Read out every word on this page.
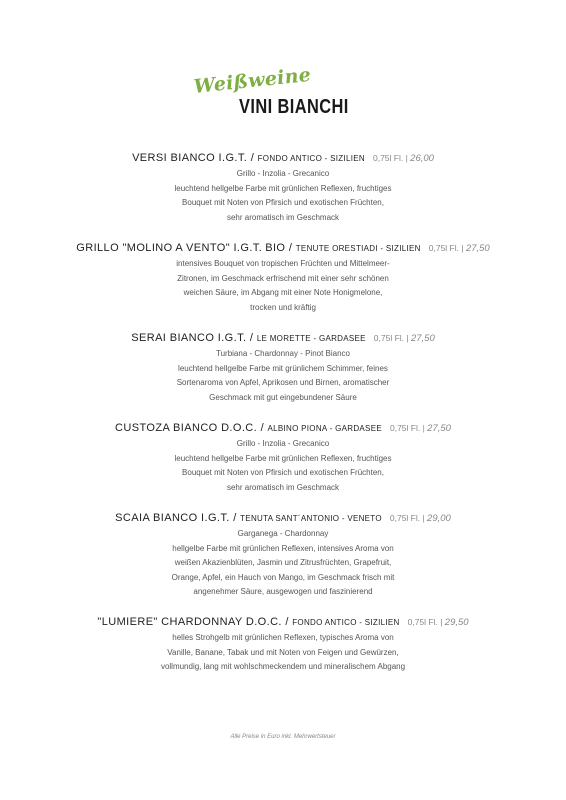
Weißweine
VINI BIANCHI
VERSI BIANCO I.G.T. / FONDO ANTICO - SIZILIEN 0,75l Fl. | 26,00
Grillo - Inzolia - Grecanico
leuchtend hellgelbe Farbe mit grünlichen Reflexen, fruchtiges
Bouquet mit Noten von Pfirsich und exotischen Früchten,
sehr aromatisch im Geschmack
GRILLO "MOLINO A VENTO" I.G.T. BIO / TENUTE ORESTIADI - SIZILIEN 0,75l Fl. | 27,50
intensives Bouquet von tropischen Früchten und Mittelmeer-
Zitronen, im Geschmack erfrischend mit einer sehr schönen
weichen Säure, im Abgang mit einer Note Honigmelone,
trocken und kräftig
SERAI BIANCO I.G.T. / LE MORETTE - GARDASEE 0,75l Fl. | 27,50
Turbiana - Chardonnay - Pinot Bianco
leuchtend hellgelbe Farbe mit grünlichem Schimmer, feines
Sortenaroma von Apfel, Aprikosen und Birnen, aromatischer
Geschmack mit gut eingebundener Säure
CUSTOZA BIANCO D.O.C. / ALBINO PIONA - GARDASEE 0,75l Fl. | 27,50
Grillo - Inzolia - Grecanico
leuchtend hellgelbe Farbe mit grünlichen Reflexen, fruchtiges
Bouquet mit Noten von Pfirsich und exotischen Früchten,
sehr aromatisch im Geschmack
SCAIA BIANCO I.G.T. / TENUTA SANT´ANTONIO - VENETO 0,75l Fl. | 29,00
Garganega - Chardonnay
hellgelbe Farbe mit grünlichen Reflexen, intensives Aroma von
weißen Akazienblüten, Jasmin und Zitrusfrüchten, Grapefruit,
Orange, Apfel, ein Hauch von Mango, im Geschmack frisch mit
angenehmer Säure, ausgewogen und faszinierend
"LUMIERE" CHARDONNAY D.O.C. / FONDO ANTICO - SIZILIEN 0,75l Fl. | 29,50
helles Strohgelb mit grünlichen Reflexen, typisches Aroma von
Vanille, Banane, Tabak und mit Noten von Feigen und Gewürzen,
vollmundig, lang mit wohlschmeckendem und mineralischem Abgang
Alle Preise in Euro inkl. Mehrwertsteuer
